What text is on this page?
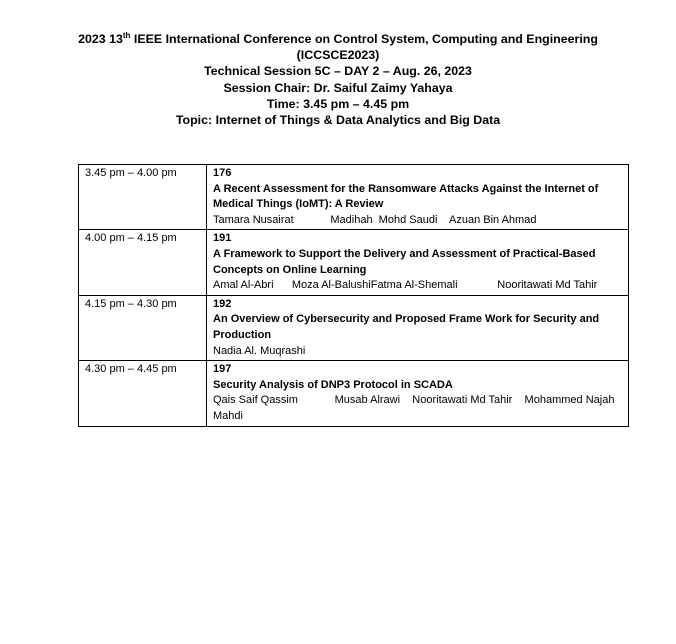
2023 13th IEEE International Conference on Control System, Computing and Engineering
(ICCSCE2023)
Technical Session 5C – DAY 2 – Aug. 26, 2023
Session Chair: Dr. Saiful Zaimy Yahaya
Time: 3.45 pm – 4.45 pm
Topic: Internet of Things & Data Analytics and Big Data
3.45 pm – 4.00 pm	176
A Recent Assessment for the Ransomware Attacks Against the Internet of Medical Things (IoMT): A Review
Tamara Nusairat            Madihah  Mohd Saudi    Azuan Bin Ahmad

4.00 pm – 4.15 pm	191
A Framework to Support the Delivery and Assessment of Practical-Based Concepts on Online Learning
Amal Al-Abri      Moza Al-BalushiFatma Al-Shemali             Nooritawati Md Tahir

4.15 pm – 4.30 pm	192
An Overview of Cybersecurity and Proposed Frame Work for Security and Production
Nadia Al. Muqrashi

4.30 pm – 4.45 pm	197
Security Analysis of DNP3 Protocol in SCADA
Qais Saif Qassim            Musab Alrawi    Nooritawati Md Tahir    Mohammed Najah Mahdi
